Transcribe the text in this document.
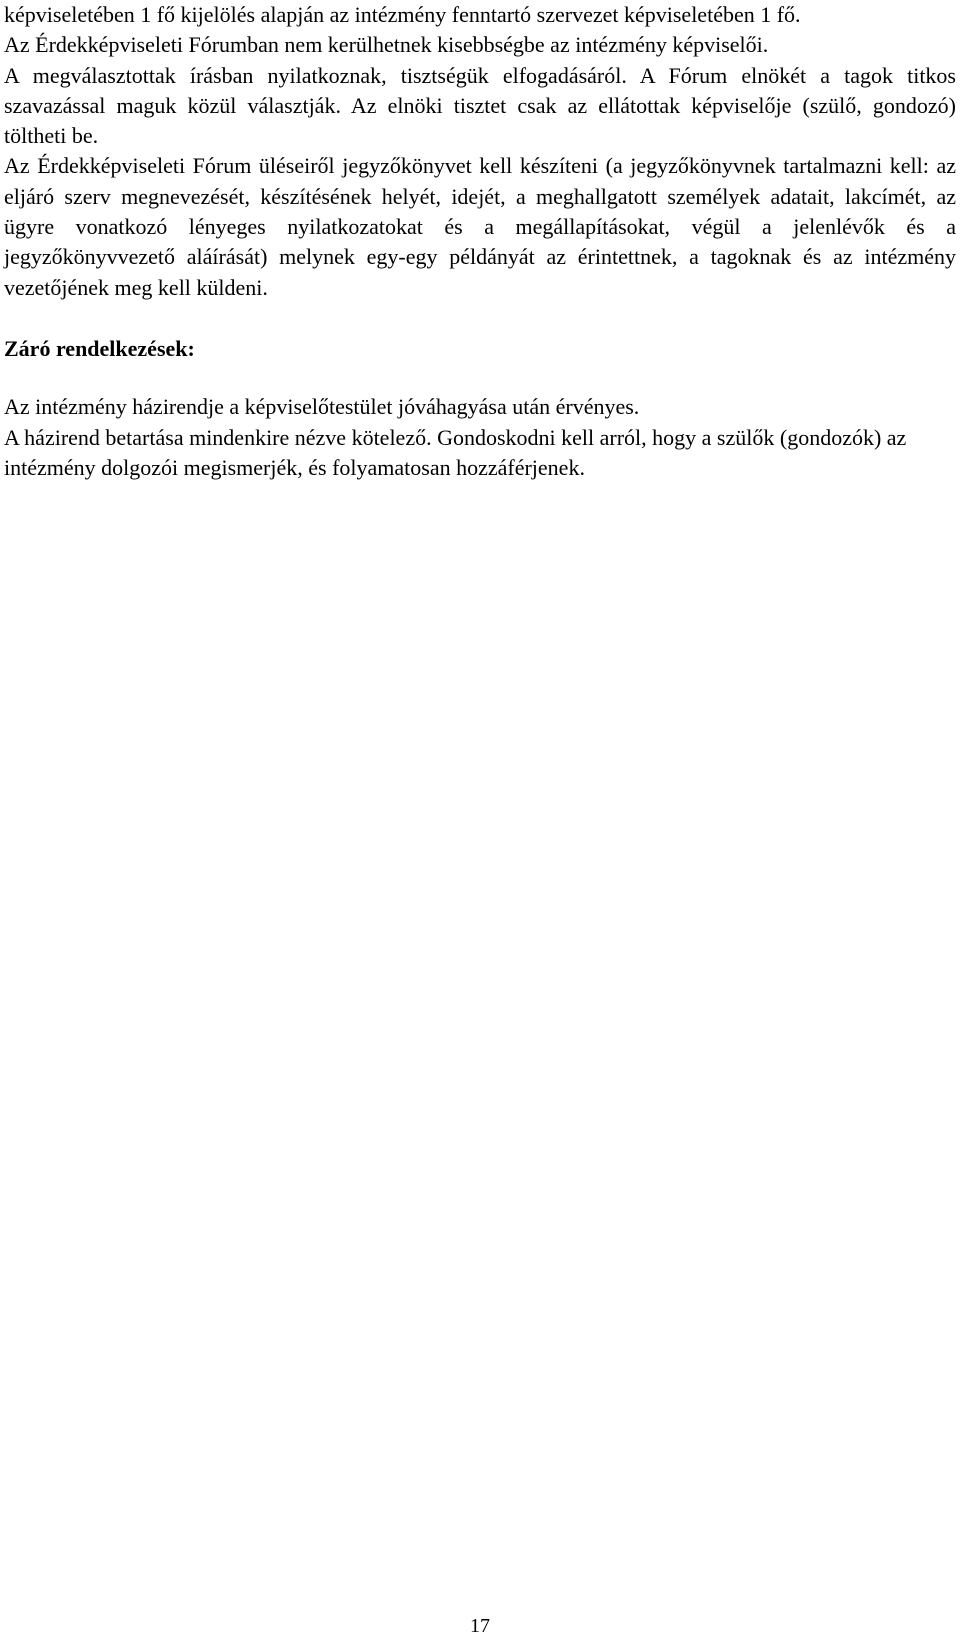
képviseletében 1 fő kijelölés alapján az intézmény fenntartó szervezet képviseletében 1 fő.

Az Érdekképviseleti Fórumban nem kerülhetnek kisebbségbe az intézmény képviselői.

A megválasztottak írásban nyilatkoznak, tisztségük elfogadásáról. A Fórum elnökét a tagok titkos szavazással maguk közül választják. Az elnöki tisztet csak az ellátottak képviselője (szülő, gondozó) töltheti be.

Az Érdekképviseleti Fórum üléseiről jegyzőkönyvet kell készíteni (a jegyzőkönyvnek tartalmazni kell: az eljáró szerv megnevezését, készítésének helyét, idejét, a meghallgatott személyek adatait, lakcímét, az ügyre vonatkozó lényeges nyilatkozatokat és a megállapításokat, végül a jelenlévők és a jegyzőkönyvvezető aláírását) melynek egy-egy példányát az érintettnek, a tagoknak és az intézmény vezetőjének meg kell küldeni.

Záró rendelkezések:

Az intézmény házirendje a képviselőtestület jóváhagyása után érvényes.

A házirend betartása mindenkire nézve kötelező. Gondoskodni kell arról, hogy a szülők (gondozók) az intézmény dolgozói megismerjék, és folyamatosan hozzáférjenek.

17
